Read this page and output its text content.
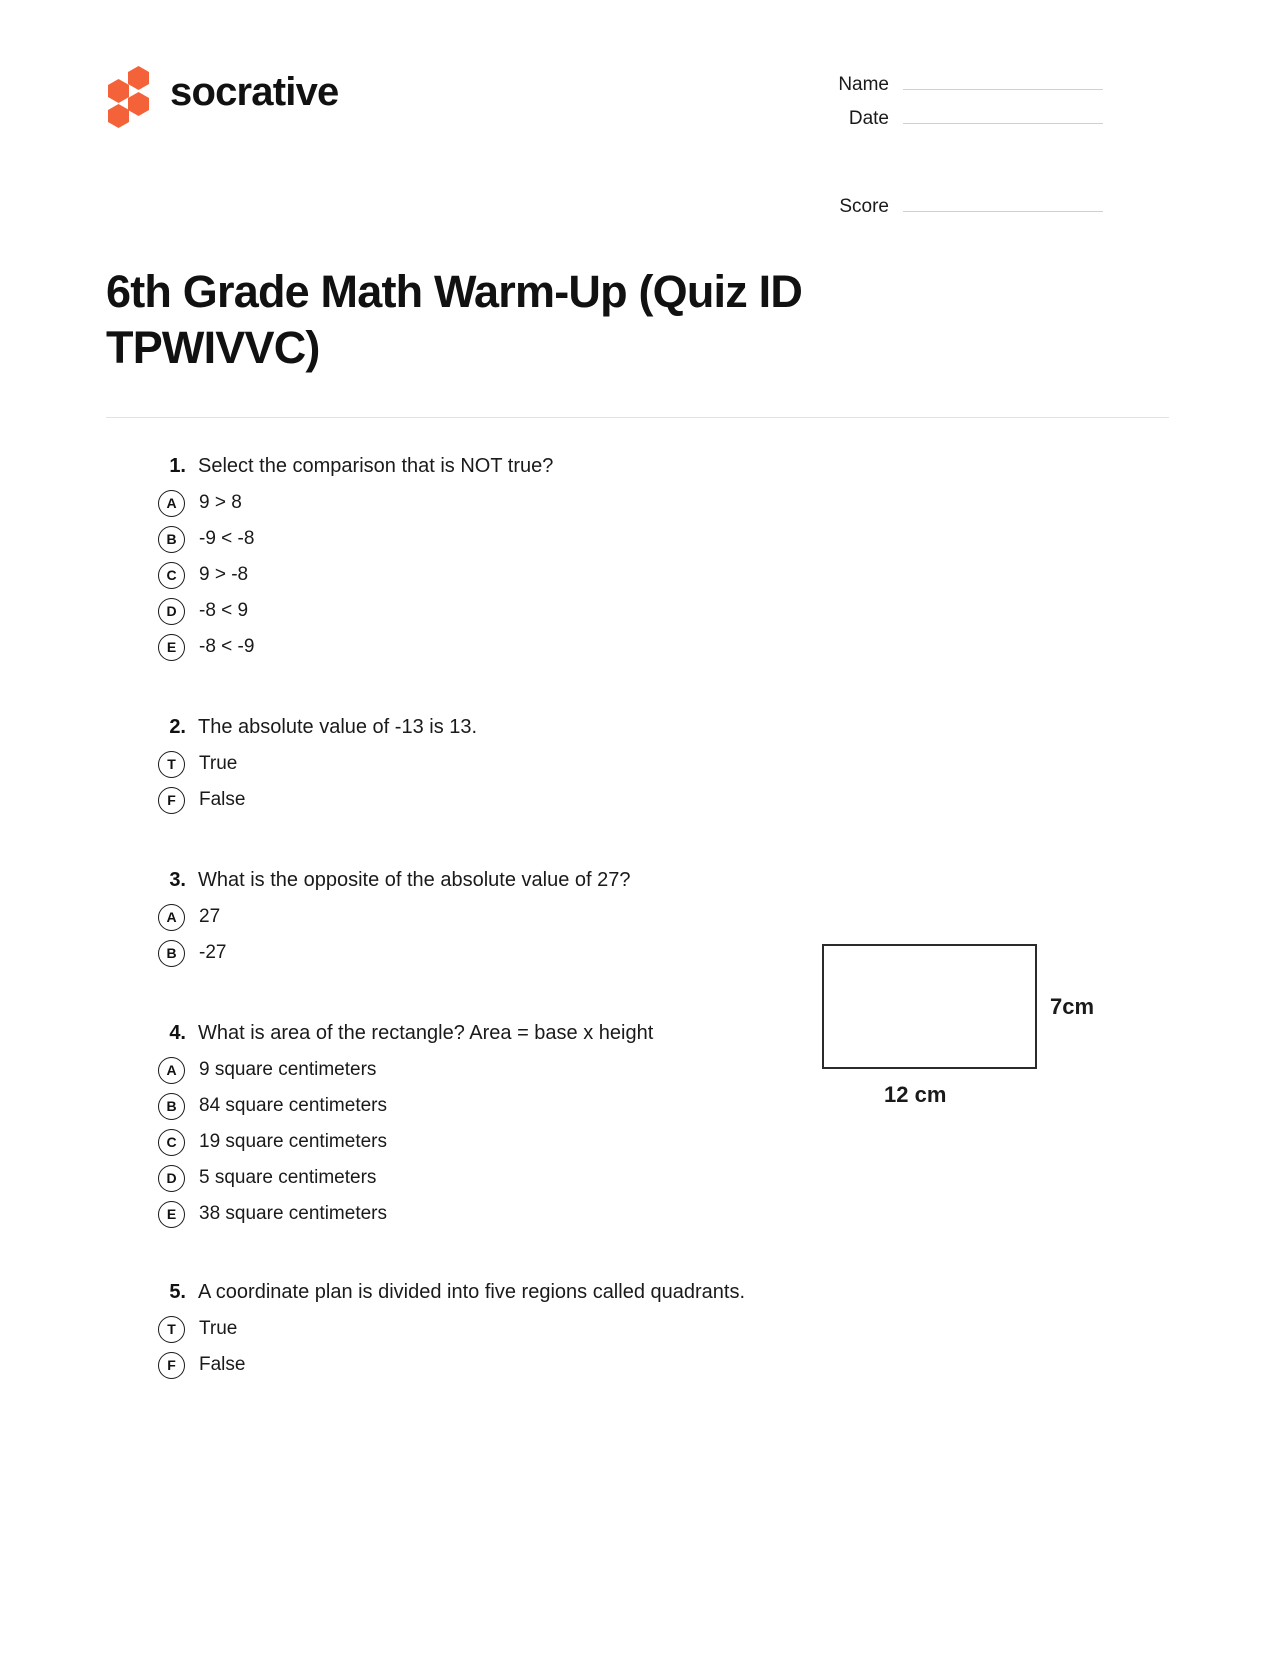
socrative	Name
Date
Score
6th Grade Math Warm-Up (Quiz ID TPWIVVC)
1. Select the comparison that is NOT true?
A	9 > 8
B	-9 < -8
C	9 > -8
D	-8 < 9
E	-8 < -9
2. The absolute value of -13 is 13.
T	True
F	False
3. What is the opposite of the absolute value of 27?
A	27
B	-27
4. What is area of the rectangle? Area = base x height
A	9 square centimeters
B	84 square centimeters
C	19 square centimeters
D	5 square centimeters
E	38 square centimeters
5. A coordinate plan is divided into five regions called quadrants.
T	True
F	False
7cm
12 cm
